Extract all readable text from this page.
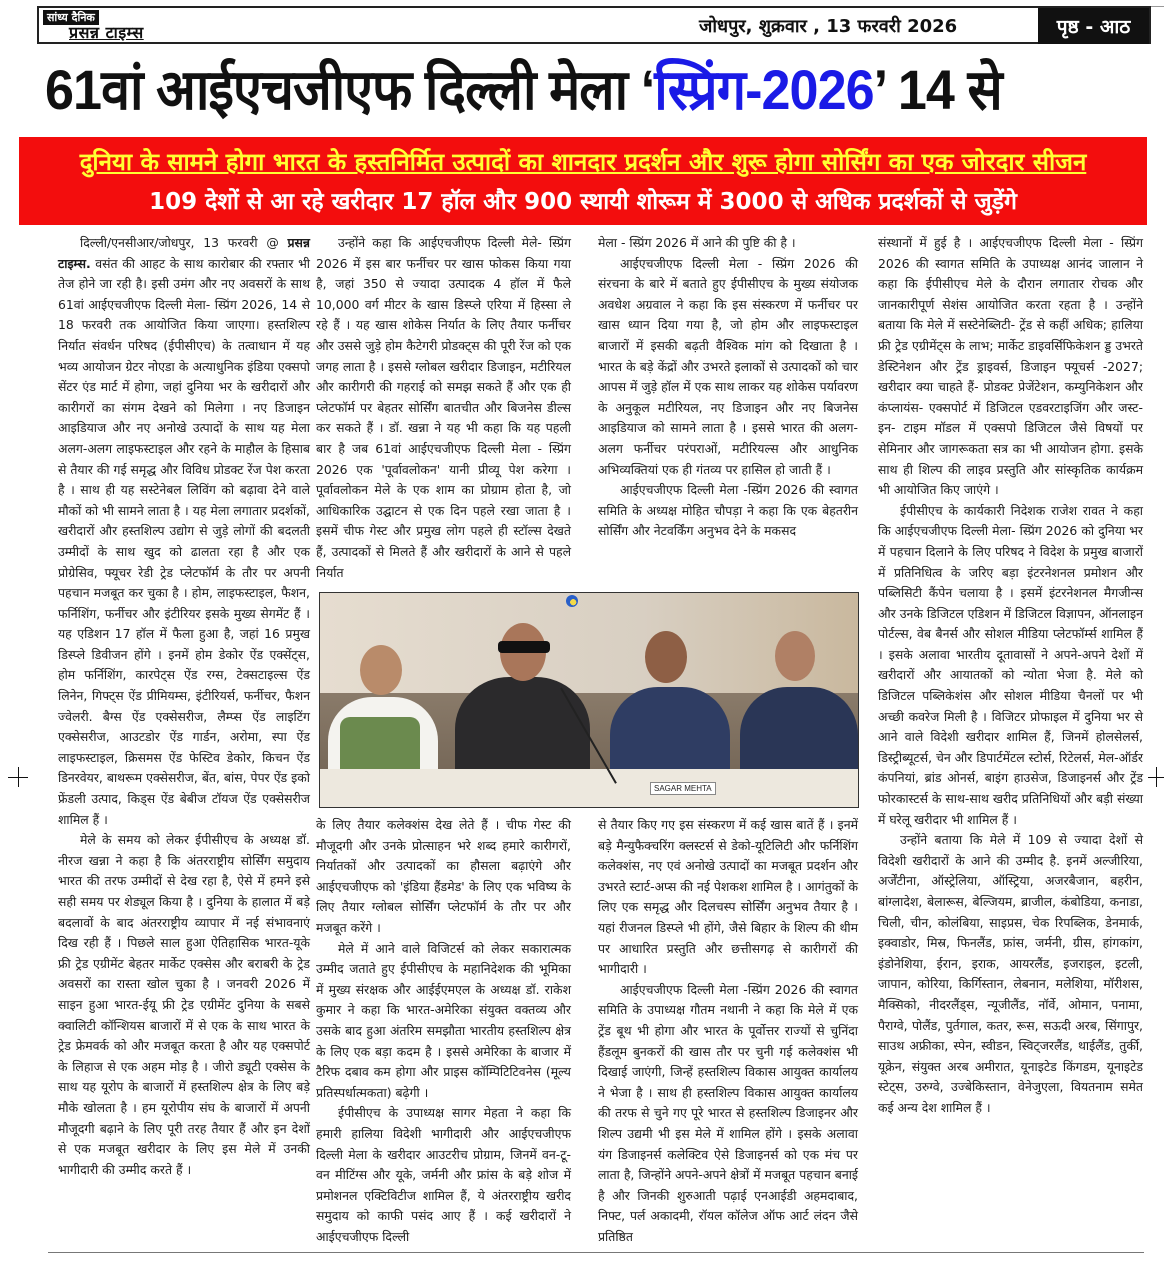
सांध्य दैनिक
प्रसन्न टाइम्स	जोधपुर, शुक्रवार , 13 फरवरी 2026	पृष्ठ - आठ
61वां आईएचजीएफ दिल्ली मेला ‘स्प्रिंग-2026’ 14 से
दुनिया के सामने होगा भारत के हस्तनिर्मित उत्पादों का शानदार प्रदर्शन और शुरू होगा सोर्सिंग का एक जोरदार सीजन
109 देशों से आ रहे खरीदार 17 हॉल और 900 स्थायी शोरूम में 3000 से अधिक प्रदर्शकों से जुड़ेंगे

दिल्ली/एनसीआर/जोधपुर, 13 फरवरी @ प्रसन्न टाइम्स. वसंत की आहट के साथ कारोबार की रफ्तार भी तेज होने जा रही है। इसी उमंग और नए अवसरों के साथ 61वां आईएचजीएफ दिल्ली मेला- स्प्रिंग 2026, 14 से 18 फरवरी तक आयोजित किया जाएगा। हस्तशिल्प निर्यात संवर्धन परिषद (ईपीसीएच) के तत्वाधान में यह भव्य आयोजन ग्रेटर नोएडा के अत्याधुनिक इंडिया एक्सपो सेंटर एंड मार्ट में होगा, जहां दुनिया भर के खरीदारों और कारीगरों का संगम देखने को मिलेगा । नए डिजाइन आइडियाज और नए अनोखे उत्पादों के साथ यह मेला अलग-अलग लाइफस्टाइल और रहने के माहौल के हिसाब से तैयार की गई समृद्ध और विविध प्रोडक्ट रेंज पेश करता है । साथ ही यह सस्टेनेबल लिविंग को बढ़ावा देने वाले मौकों को भी सामने लाता है । यह मेला लगातार प्रदर्शकों, खरीदारों और हस्तशिल्प उद्योग से जुड़े लोगों की बदलती उम्मीदों के साथ खुद को ढालता रहा है और एक प्रोग्रेसिव, फ्यूचर रेडी ट्रेड प्लेटफॉर्म के तौर पर अपनी पहचान मजबूत कर चुका है । होम, लाइफस्टाइल, फैशन, फर्निशिंग, फर्नीचर और इंटीरियर इसके मुख्य सेगमेंट हैं । यह एडिशन 17 हॉल में फैला हुआ है, जहां 16 प्रमुख डिस्प्ले डिवीजन होंगे । इनमें होम डेकोर ऐंड एक्सेंट्स, होम फर्निशिंग, कारपेट्स ऐंड रग्स, टेक्सटाइल्स ऐंड लिनेन, गिफ्ट्स ऐंड प्रीमियम्स, इंटीरियर्स, फर्नीचर, फैशन ज्वेलरी. बैग्स ऐंड एक्सेसरीज, लैम्प्स ऐंड लाइटिंग एक्सेसरीज, आउटडोर ऐंड गार्डन, अरोमा, स्पा ऐंड लाइफस्टाइल, क्रिसमस ऐंड फेस्टिव डेकोर, किचन ऐंड डिनरवेयर, बाथरूम एक्सेसरीज, बेंत, बांस, पेपर ऐंड इको फ्रेंडली उत्पाद, किड्स ऐंड बेबीज टॉयज ऐंड एक्सेसरीज शामिल हैं ।

मेले के समय को लेकर ईपीसीएच के अध्यक्ष डॉ. नीरज खन्ना ने कहा है कि अंतरराष्ट्रीय सोर्सिंग समुदाय भारत की तरफ उम्मीदों से देख रहा है, ऐसे में हमने इसे सही समय पर शेड्यूल किया है । दुनिया के हालात में बड़े बदलावों के बाद अंतरराष्ट्रीय व्यापार में नई संभावनाएं दिख रही हैं । पिछले साल हुआ ऐतिहासिक भारत-यूके फ्री ट्रेड एग्रीमेंट बेहतर मार्केट एक्सेस और बराबरी के ट्रेड अवसरों का रास्ता खोल चुका है । जनवरी 2026 में साइन हुआ भारत-ईयू फ्री ट्रेड एग्रीमेंट दुनिया के सबसे क्वालिटी कॉन्शियस बाजारों में से एक के साथ भारत के ट्रेड फ्रेमवर्क को और मजबूत करता है और यह एक्सपोर्ट के लिहाज से एक अहम मोड़ है । जीरो ड्यूटी एक्सेस के साथ यह यूरोप के बाजारों में हस्तशिल्प क्षेत्र के लिए बड़े मौके खोलता है । हम यूरोपीय संघ के बाजारों में अपनी मौजूदगी बढ़ाने के लिए पूरी तरह तैयार हैं और इन देशों से एक मजबूत खरीदार के लिए इस मेले में उनकी भागीदारी की उम्मीद करते हैं ।

उन्होंने कहा कि आईएचजीएफ दिल्ली मेले- स्प्रिंग 2026 में इस बार फर्नीचर पर खास फोकस किया गया है, जहां 350 से ज्यादा उत्पादक 4 हॉल में फैले 10,000 वर्ग मीटर के खास डिस्प्ले एरिया में हिस्सा ले रहे हैं । यह खास शोकेस निर्यात के लिए तैयार फर्नीचर और उससे जुड़े होम कैटेगरी प्रोडक्ट्स की पूरी रेंज को एक जगह लाता है । इससे ग्लोबल खरीदार डिजाइन, मटीरियल और कारीगरी की गहराई को समझ सकते हैं और एक ही प्लेटफॉर्म पर बेहतर सोर्सिंग बातचीत और बिजनेस डील्स कर सकते हैं । डॉ. खन्ना ने यह भी कहा कि यह पहली बार है जब 61वां आईएचजीएफ दिल्ली मेला - स्प्रिंग 2026 एक 'पूर्वावलोकन' यानी प्रीव्यू पेश करेगा । पूर्वावलोकन मेले के एक शाम का प्रोग्राम होता है, जो आधिकारिक उद्घाटन से एक दिन पहले रखा जाता है । इसमें चीफ गेस्ट और प्रमुख लोग पहले ही स्टॉल्स देखते हैं, उत्पादकों से मिलते हैं और खरीदारों के आने से पहले निर्यात

मेला - स्प्रिंग 2026 में आने की पुष्टि की है ।

आईएचजीएफ दिल्ली मेला - स्प्रिंग 2026 की संरचना के बारे में बताते हुए ईपीसीएच के मुख्य संयोजक अवधेश अग्रवाल ने कहा कि इस संस्करण में फर्नीचर पर खास ध्यान दिया गया है, जो होम और लाइफस्टाइल बाजारों में इसकी बढ़ती वैश्विक मांग को दिखाता है । भारत के बड़े केंद्रों और उभरते इलाकों से उत्पादकों को चार आपस में जुड़े हॉल में एक साथ लाकर यह शोकेस पर्यावरण के अनुकूल मटीरियल, नए डिजाइन और नए बिजनेस आइडियाज को सामने लाता है । इससे भारत की अलग-अलग फर्नीचर परंपराओं, मटीरियल्स और आधुनिक अभिव्यक्तियां एक ही गंतव्य पर हासिल हो जाती हैं ।

आईएचजीएफ दिल्ली मेला -स्प्रिंग 2026 की स्वागत समिति के अध्यक्ष मोहित चौपड़ा ने कहा कि एक बेहतरीन सोर्सिंग और नेटवर्किंग अनुभव देने के मकसद

SAGAR MEHTA

के लिए तैयार कलेक्शंस देख लेते हैं । चीफ गेस्ट की मौजूदगी और उनके प्रोत्साहन भरे शब्द हमारे कारीगरों, निर्यातकों और उत्पादकों का हौसला बढ़ाएंगे और आईएचजीएफ को 'इंडिया हैंडमेड' के लिए एक भविष्य के लिए तैयार ग्लोबल सोर्सिंग प्लेटफॉर्म के तौर पर और मजबूत करेंगे ।

मेले में आने वाले विजिटर्स को लेकर सकारात्मक उम्मीद जताते हुए ईपीसीएच के महानिदेशक की भूमिका में मुख्य संरक्षक और आईईएमएल के अध्यक्ष डॉ. राकेश कुमार ने कहा कि भारत-अमेरिका संयुक्त वक्तव्य और उसके बाद हुआ अंतरिम समझौता भारतीय हस्तशिल्प क्षेत्र के लिए एक बड़ा कदम है । इससे अमेरिका के बाजार में टैरिफ दबाव कम होगा और प्राइस कॉम्पिटिटिवनेस (मूल्य प्रतिस्पर्धात्मकता) बढ़ेगी ।

ईपीसीएच के उपाध्यक्ष सागर मेहता ने कहा कि हमारी हालिया विदेशी भागीदारी और आईएचजीएफ दिल्ली मेला के खरीदार आउटरीच प्रोग्राम, जिनमें वन-टू-वन मीटिंग्स और यूके, जर्मनी और फ्रांस के बड़े शोज में प्रमोशनल एक्टिविटीज शामिल हैं, ये अंतरराष्ट्रीय खरीद समुदाय को काफी पसंद आए हैं । कई खरीदारों ने आईएचजीएफ दिल्ली

से तैयार किए गए इस संस्करण में कई खास बातें हैं । इनमें बड़े मैन्युफैक्चरिंग क्लस्टर्स से डेको-यूटिलिटी और फर्निशिंग कलेक्शंस, नए एवं अनोखे उत्पादों का मजबूत प्रदर्शन और उभरते स्टार्ट-अप्स की नई पेशकश शामिल है । आगंतुकों के लिए एक समृद्ध और दिलचस्प सोर्सिंग अनुभव तैयार है । यहां रीजनल डिस्प्ले भी होंगे, जैसे बिहार के शिल्प की थीम पर आधारित प्रस्तुति और छत्तीसगढ़ से कारीगरों की भागीदारी ।

आईएचजीएफ दिल्ली मेला -स्प्रिंग 2026 की स्वागत समिति के उपाध्यक्ष गौतम नथानी ने कहा कि मेले में एक ट्रेंड बूथ भी होगा और भारत के पूर्वोत्तर राज्यों से चुनिंदा हैंडलूम बुनकरों की खास तौर पर चुनी गई कलेक्शंस भी दिखाई जाएंगी, जिन्हें हस्तशिल्प विकास आयुक्त कार्यालय ने भेजा है । साथ ही हस्तशिल्प विकास आयुक्त कार्यालय की तरफ से चुने गए पूरे भारत से हस्तशिल्प डिजाइनर और शिल्प उद्यमी भी इस मेले में शामिल होंगे । इसके अलावा यंग डिजाइनर्स कलेक्टिव ऐसे डिजाइनर्स को एक मंच पर लाता है, जिन्होंने अपने-अपने क्षेत्रों में मजबूत पहचान बनाई है और जिनकी शुरुआती पढ़ाई एनआईडी अहमदाबाद, निफ्ट, पर्ल अकादमी, रॉयल कॉलेज ऑफ आर्ट लंदन जैसे प्रतिष्ठित

संस्थानों में हुई है । आईएचजीएफ दिल्ली मेला - स्प्रिंग 2026 की स्वागत समिति के उपाध्यक्ष आनंद जालान ने कहा कि ईपीसीएच मेले के दौरान लगातार रोचक और जानकारीपूर्ण सेशंस आयोजित करता रहता है । उन्होंने बताया कि मेले में सस्टेनेब्लिटी- ट्रेंड से कहीं अधिक; हालिया फ्री ट्रेड एग्रीमेंट्स के लाभ; मार्केट डाइवर्सिफिकेशन ड्ड उभरते डेस्टिनेशन और ट्रेंड ड्राइवर्स, डिजाइन फ्यूचर्स -2027; खरीदार क्या चाहते हैं- प्रोडक्ट प्रेजेंटेशन, कम्युनिकेशन और कंप्लायंस- एक्सपोर्ट में डिजिटल एडवरटाइजिंग और जस्ट-इन- टाइम मॉडल में एक्सपो डिजिटल जैसे विषयों पर सेमिनार और जागरूकता सत्र का भी आयोजन होगा. इसके साथ ही शिल्प की लाइव प्रस्तुति और सांस्कृतिक कार्यक्रम भी आयोजित किए जाएंगे ।

ईपीसीएच के कार्यकारी निदेशक राजेश रावत ने कहा कि आईएचजीएफ दिल्ली मेला- स्प्रिंग 2026 को दुनिया भर में पहचान दिलाने के लिए परिषद ने विदेश के प्रमुख बाजारों में प्रतिनिधित्व के जरिए बड़ा इंटरनेशनल प्रमोशन और पब्लिसिटी कैंपेन चलाया है । इसमें इंटरनेशनल मैगजीन्स और उनके डिजिटल एडिशन में डिजिटल विज्ञापन, ऑनलाइन पोर्टल्स, वेब बैनर्स और सोशल मीडिया प्लेटफॉर्म्स शामिल हैं । इसके अलावा भारतीय दूतावासों ने अपने-अपने देशों में खरीदारों और आयातकों को न्योता भेजा है. मेले को डिजिटल पब्लिकेशंस और सोशल मीडिया चैनलों पर भी अच्छी कवरेज मिली है । विजिटर प्रोफाइल में दुनिया भर से आने वाले विदेशी खरीदार शामिल हैं, जिनमें होलसेलर्स, डिस्ट्रीब्यूटर्स, चेन और डिपार्टमेंटल स्टोर्स, रिटेलर्स, मेल-ऑर्डर कंपनियां, ब्रांड ओनर्स, बाइंग हाउसेज, डिजाइनर्स और ट्रेंड फोरकास्टर्स के साथ-साथ खरीद प्रतिनिधियों और बड़ी संख्या में घरेलू खरीदार भी शामिल हैं ।

उन्होंने बताया कि मेले में 109 से ज्यादा देशों से विदेशी खरीदारों के आने की उम्मीद है. इनमें अल्जीरिया, अर्जेंटीना, ऑस्ट्रेलिया, ऑस्ट्रिया, अजरबैजान, बहरीन, बांग्लादेश, बेलारूस, बेल्जियम, ब्राजील, कंबोडिया, कनाडा, चिली, चीन, कोलंबिया, साइप्रस, चेक रिपब्लिक, डेनमार्क, इक्वाडोर, मिस्र, फिनलैंड, फ्रांस, जर्मनी, ग्रीस, हांगकांग, इंडोनेशिया, ईरान, इराक, आयरलैंड, इजराइल, इटली, जापान, कोरिया, किर्गिस्तान, लेबनान, मलेशिया, मॉरीशस, मैक्सिको, नीदरलैंड्स, न्यूजीलैंड, नॉर्वे, ओमान, पनामा, पैराग्वे, पोलैंड, पुर्तगाल, कतर, रूस, सऊदी अरब, सिंगापुर, साउथ अफ्रीका, स्पेन, स्वीडन, स्विट्जरलैंड, थाईलैंड, तुर्की, यूक्रेन, संयुक्त अरब अमीरात, यूनाइटेड किंगडम, यूनाइटेड स्टेट्स, उरुग्वे, उज्बेकिस्तान, वेनेजुएला, वियतनाम समेत कई अन्य देश शामिल हैं ।
